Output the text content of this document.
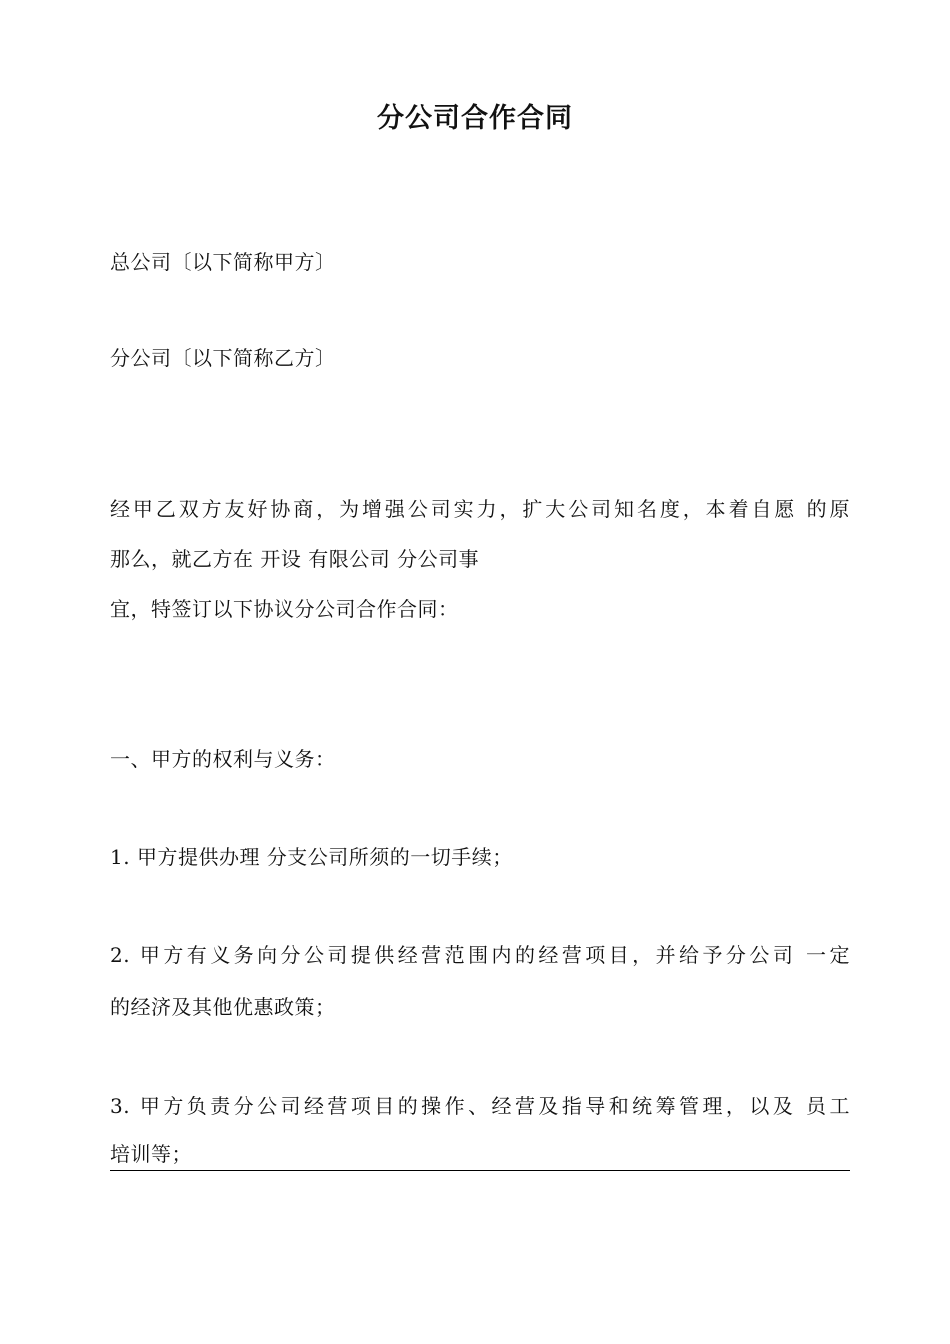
分公司合作合同
总公司〔以下简称甲方〕
分公司〔以下简称乙方〕
经甲乙双方友好协商，为增强公司实力，扩大公司知名度，本着自愿 的原
那么，就乙方在 开设 有限公司 分公司事
宜，特签订以下协议分公司合作合同：
一、甲方的权利与义务：
1. 甲方提供办理 分支公司所须的一切手续；
2. 甲方有义务向分公司提供经营范围内的经营项目，并给予分公司 一定
的经济及其他优惠政策；
3. 甲方负责分公司经营项目的操作、经营及指导和统筹管理，以及 员工
培训等；
